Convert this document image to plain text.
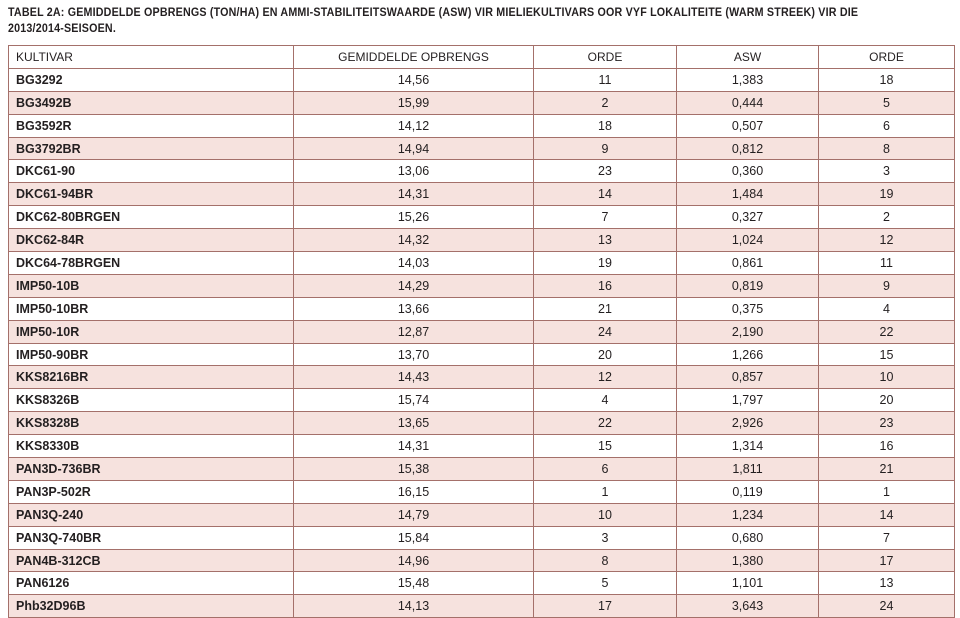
TABEL 2A: GEMIDDELDE OPBRENGS (TON/HA) EN AMMI-STABILITEITSWAARDE (ASW) VIR MIELIEKULTIVARS OOR VYF LOKALITEITE (WARM STREEK) VIR DIE 2013/2014-SEISOEN.
KULTIVAR	GEMIDDELDE OPBRENGS	ORDE	ASW	ORDE
BG3292	14,56	11	1,383	18
BG3492B	15,99	2	0,444	5
BG3592R	14,12	18	0,507	6
BG3792BR	14,94	9	0,812	8
DKC61-90	13,06	23	0,360	3
DKC61-94BR	14,31	14	1,484	19
DKC62-80BRGEN	15,26	7	0,327	2
DKC62-84R	14,32	13	1,024	12
DKC64-78BRGEN	14,03	19	0,861	11
IMP50-10B	14,29	16	0,819	9
IMP50-10BR	13,66	21	0,375	4
IMP50-10R	12,87	24	2,190	22
IMP50-90BR	13,70	20	1,266	15
KKS8216BR	14,43	12	0,857	10
KKS8326B	15,74	4	1,797	20
KKS8328B	13,65	22	2,926	23
KKS8330B	14,31	15	1,314	16
PAN3D-736BR	15,38	6	1,811	21
PAN3P-502R	16,15	1	0,119	1
PAN3Q-240	14,79	10	1,234	14
PAN3Q-740BR	15,84	3	0,680	7
PAN4B-312CB	14,96	8	1,380	17
PAN6126	15,48	5	1,101	13
Phb32D96B	14,13	17	3,643	24
